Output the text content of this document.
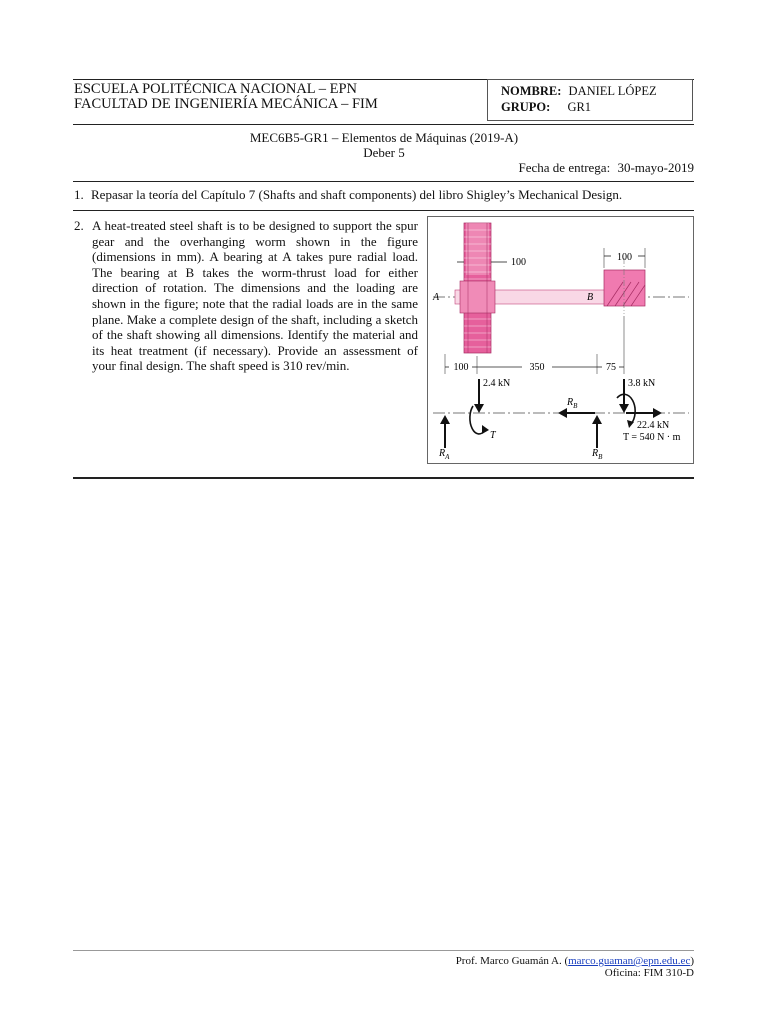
ESCUELA POLITÉCNICA NACIONAL – EPN
FACULTAD DE INGENIERÍA MECÁNICA – FIM
NOMBRE: DANIEL LÓPEZ
GRUPO: GR1
MEC6B5-GR1 – Elementos de Máquinas (2019-A)
Deber 5
Fecha de entrega: 30-mayo-2019
1. Repasar la teoría del Capítulo 7 (Shafts and shaft components) del libro Shigley’s Mechanical Design.
2. A heat-treated steel shaft is to be designed to support the spur gear and the overhanging worm shown in the figure (dimensions in mm). A bearing at A takes pure radial load. The bearing at B takes the worm-thrust load for either direction of rotation. The dimensions and the loading are shown in the figure; note that the radial loads are in the same plane. Make a complete design of the shaft, including a sketch of the shaft showing all dimensions. Identify the material and its heat treatment (if necessary). Provide an assessment of your final design. The shaft speed is 310 rev/min.
100
100
A	B
100	350	75
2.4 kN
T
$R_A$	$R_B$
$R_B$
3.8 kN
22.4 kN
T = 540 N · m
Prof. Marco Guamán A. (marco.guaman@epn.edu.ec)
Oficina: FIM 310-D
